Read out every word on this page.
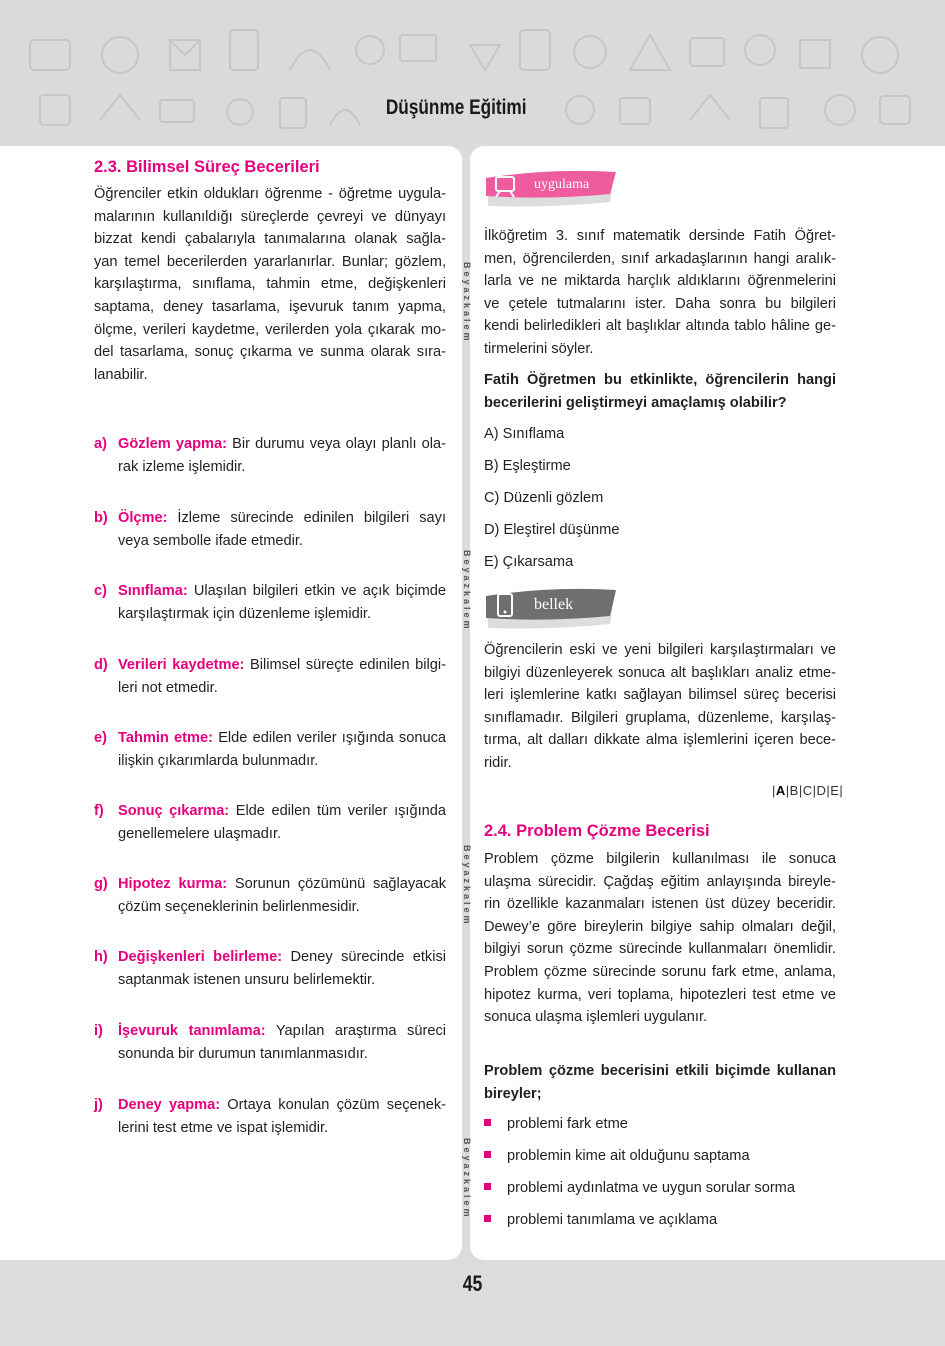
Düşünme Eğitimi
Beyazkalem
Beyazkalem
Beyazkalem
Beyazkalem
2.3. Bilimsel Süreç Becerileri

Öğrenciler etkin oldukları öğrenme - öğretme uygula-

malarının kullanıldığı süreçlerde çevreyi ve dünyayı

bizzat kendi çabalarıyla tanımalarına olanak sağla-

yan temel becerilerden yararlanırlar. Bunlar; gözlem,

karşılaştırma, sınıflama, tahmin etme, değişkenleri

saptama, deney tasarlama, işevuruk tanım yapma,

ölçme, verileri kaydetme, verilerden yola çıkarak mo-

del tasarlama, sonuç çıkarma ve sunma olarak sıra-

lanabilir.

a) Gözlem yapma: Bir durumu veya olayı planlı ola-rak izleme işlemidir.
b) Ölçme: İzleme sürecinde edinilen bilgileri sayı veya sembolle ifade etmedir.
c) Sınıflama: Ulaşılan bilgileri etkin ve açık biçimde karşılaştırmak için düzenleme işlemidir.
d) Verileri kaydetme: Bilimsel süreçte edinilen bilgi-leri not etmedir.
e) Tahmin etme: Elde edilen veriler ışığında sonuca ilişkin çıkarımlarda bulunmadır.
f) Sonuç çıkarma: Elde edilen tüm veriler ışığında genellemelere ulaşmadır.
g) Hipotez kurma: Sorunun çözümünü sağlayacak çözüm seçeneklerinin belirlenmesidir.
h) Değişkenleri belirleme: Deney sürecinde etkisi saptanmak istenen unsuru belirlemektir.
i) İşevuruk tanımlama: Yapılan araştırma süreci sonunda bir durumun tanımlanmasıdır.
j) Deney yapma: Ortaya konulan çözüm seçenek-lerini test etme ve ispat işlemidir.
uygulama

İlköğretim 3. sınıf matematik dersinde Fatih Öğret-

men, öğrencilerden, sınıf arkadaşlarının hangi aralık-

larla ve ne miktarda harçlık aldıklarını öğrenmelerini

ve çetele tutmalarını ister. Daha sonra bu bilgileri

kendi belirledikleri alt başlıklar altında tablo hâline ge-

tirmelerini söyler.

Fatih Öğretmen bu etkinlikte, öğrencilerin hangi

becerilerini geliştirmeyi amaçlamış olabilir?

A) Sınıflama
B) Eşleştirme
C) Düzenli gözlem
D) Eleştirel düşünme
E) Çıkarsama
bellek

Öğrencilerin eski ve yeni bilgileri karşılaştırmaları ve

bilgiyi düzenleyerek sonuca alt başlıkları analiz etme-

leri işlemlerine katkı sağlayan bilimsel süreç becerisi

sınıflamadır. Bilgileri gruplama, düzenleme, karşılaş-

tırma, alt dalları dikkate alma işlemlerini içeren bece-

ridir.

|A|B|C|D|E|
2.4. Problem Çözme Becerisi

Problem çözme bilgilerin kullanılması ile sonuca

ulaşma sürecidir. Çağdaş eğitim anlayışında bireyle-

rin özellikle kazanmaları istenen üst düzey beceridir.

Dewey’e göre bireylerin bilgiye sahip olmaları değil,

bilgiyi sorun çözme sürecinde kullanmaları önemlidir.

Problem çözme sürecinde sorunu fark etme, anlama,

hipotez kurma, veri toplama, hipotezleri test etme ve

sonuca ulaşma işlemleri uygulanır.

Problem çözme becerisini etkili biçimde kullanan

bireyler;

problemi fark etme
problemin kime ait olduğunu saptama
problemi aydınlatma ve uygun sorular sorma
problemi tanımlama ve açıklama
45
